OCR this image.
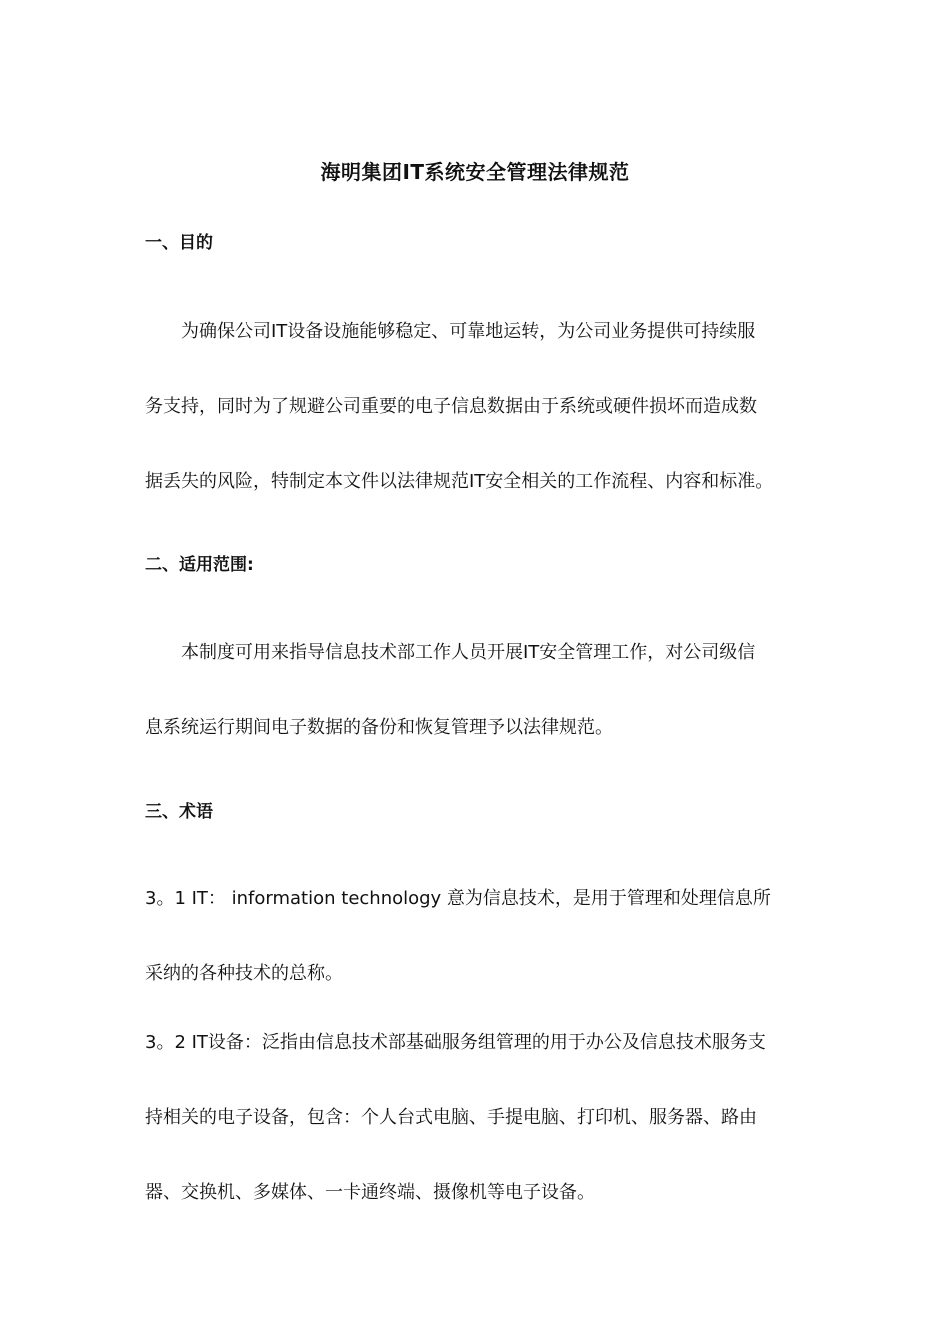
海明集团IT系统安全管理法律规范
一、目的
为确保公司IT设备设施能够稳定、可靠地运转，为公司业务提供可持续服
务支持，同时为了规避公司重要的电子信息数据由于系统或硬件损坏而造成数
据丢失的风险，特制定本文件以法律规范IT安全相关的工作流程、内容和标准。
二、适用范围:
本制度可用来指导信息技术部工作人员开展IT安全管理工作，对公司级信
息系统运行期间电子数据的备份和恢复管理予以法律规范。
三、术语
3。1 IT： information technology 意为信息技术，是用于管理和处理信息所
采纳的各种技术的总称。
3。2 IT设备：泛指由信息技术部基础服务组管理的用于办公及信息技术服务支
持相关的电子设备，包含：个人台式电脑、手提电脑、打印机、服务器、路由
器、交换机、多媒体、一卡通终端、摄像机等电子设备。
